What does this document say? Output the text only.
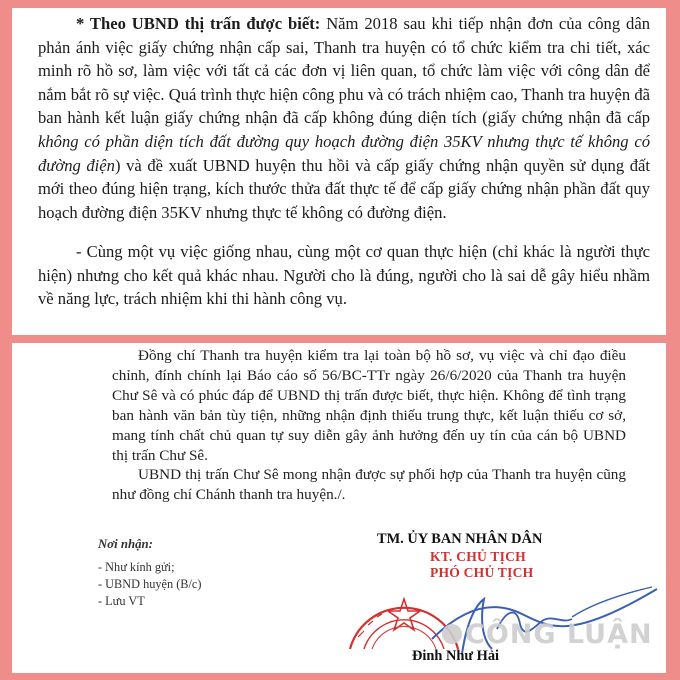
* Theo UBND thị trấn được biết: Năm 2018 sau khi tiếp nhận đơn của công dân phản ánh việc giấy chứng nhận cấp sai, Thanh tra huyện có tổ chức kiểm tra chi tiết, xác minh rõ hồ sơ, làm việc với tất cả các đơn vị liên quan, tổ chức làm việc với công dân để nắm bắt rõ sự việc. Quá trình thực hiện công phu và có trách nhiệm cao, Thanh tra huyện đã ban hành kết luận giấy chứng nhận đã cấp không đúng diện tích (giấy chứng nhận đã cấp không có phần diện tích đất đường quy hoạch đường điện 35KV nhưng thực tế không có đường điện) và đề xuất UBND huyện thu hồi và cấp giấy chứng nhận quyền sử dụng đất mới theo đúng hiện trạng, kích thước thửa đất thực tế để cấp giấy chứng nhận phần đất quy hoạch đường điện 35KV nhưng thực tế không có đường điện.

- Cùng một vụ việc giống nhau, cùng một cơ quan thực hiện (chỉ khác là người thực hiện) nhưng cho kết quả khác nhau. Người cho là đúng, người cho là sai dễ gây hiểu nhầm về năng lực, trách nhiệm khi thi hành công vụ.

Đồng chí Thanh tra huyện kiểm tra lại toàn bộ hồ sơ, vụ việc và chỉ đạo điều chỉnh, đính chính lại Báo cáo số 56/BC-TTr ngày 26/6/2020 của Thanh tra huyện Chư Sê và có phúc đáp để UBND thị trấn được biết, thực hiện. Không để tình trạng ban hành văn bản tùy tiện, những nhận định thiếu trung thực, kết luận thiếu cơ sở, mang tính chất chủ quan tự suy diễn gây ảnh hưởng đến uy tín của cán bộ UBND thị trấn Chư Sê.

UBND thị trấn Chư Sê mong nhận được sự phối hợp của Thanh tra huyện cũng như đồng chí Chánh thanh tra huyện./.

Nơi nhận:
- Như kính gửi;
- UBND huyện (B/c)
- Lưu VT
TM. ỦY BAN NHÂN DÂN
KT. CHỦ TỊCH
PHÓ CHỦ TỊCH
CÔNG LUẬN
Đinh Như Hải
